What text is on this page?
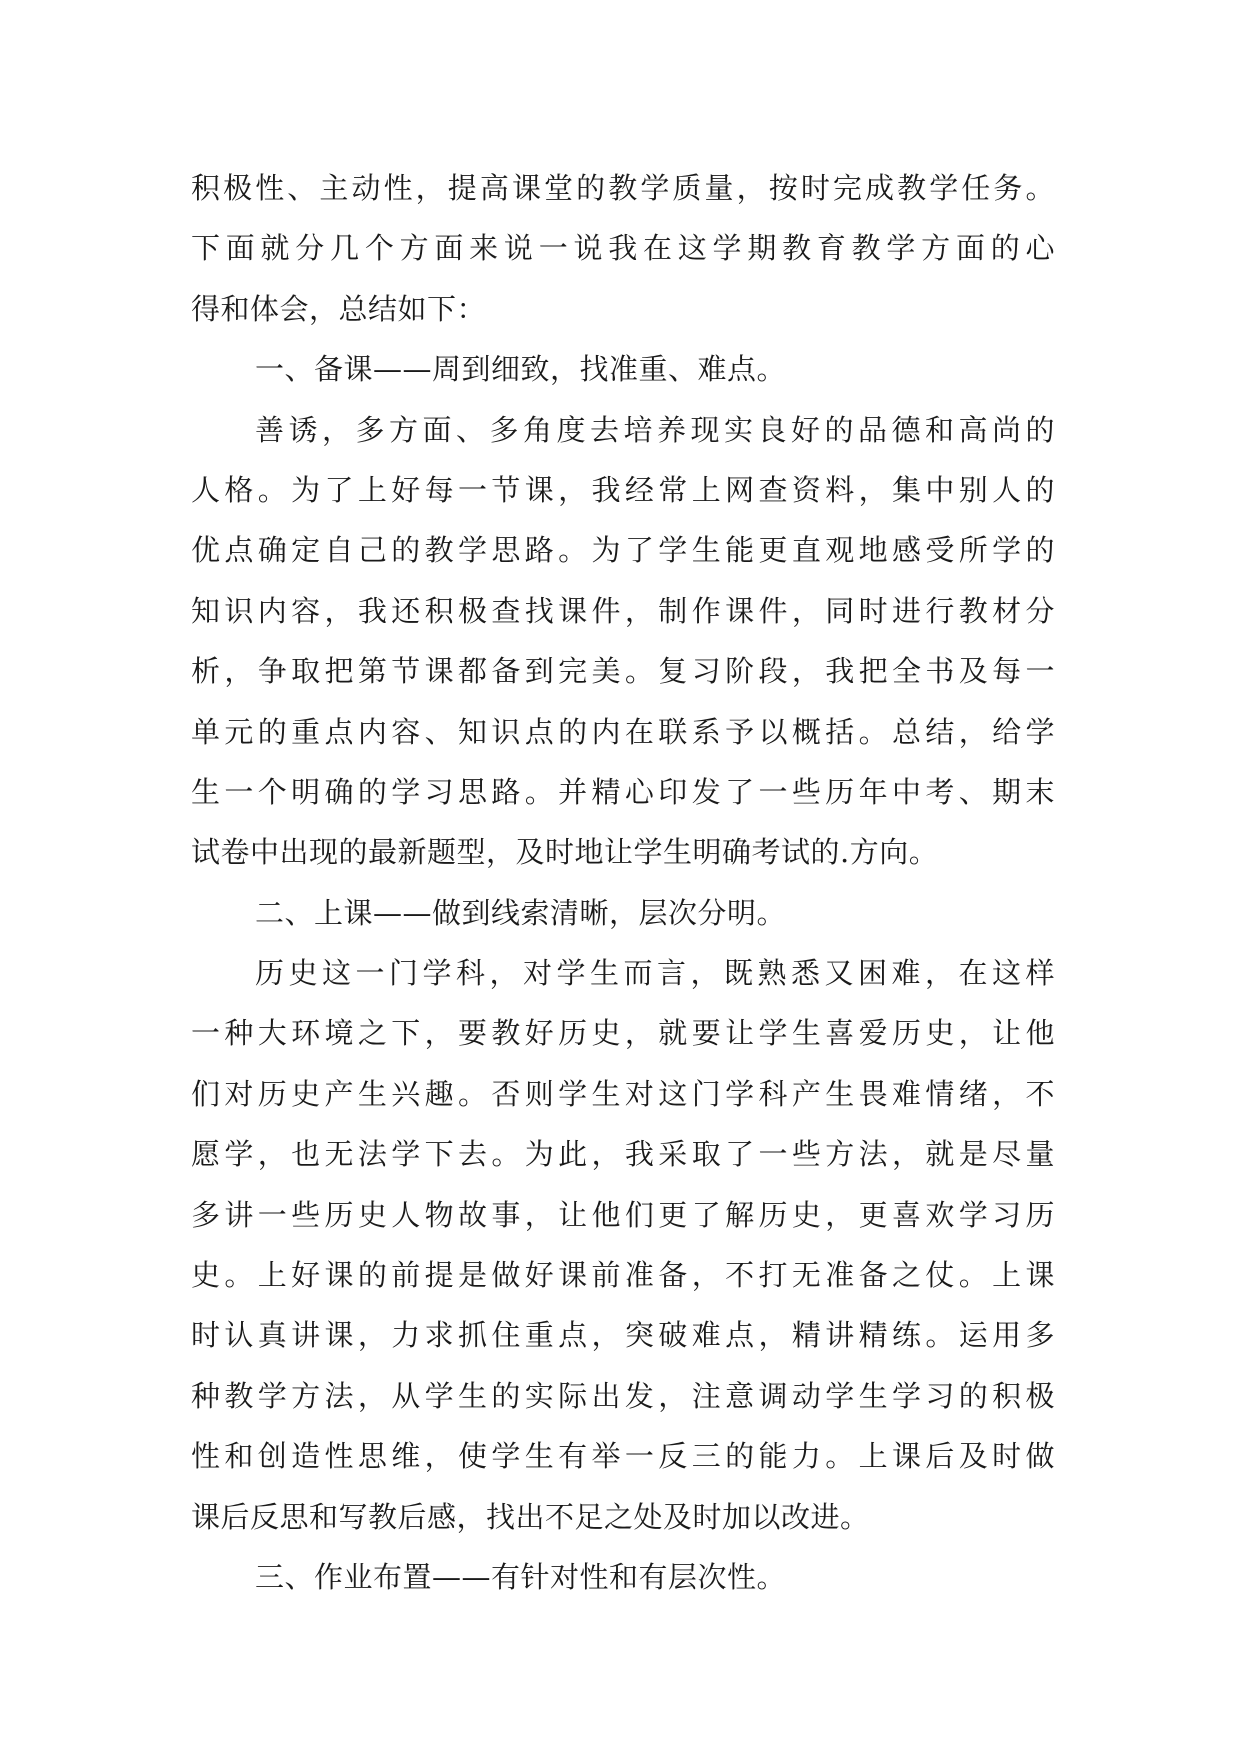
积极性、主动性，提高课堂的教学质量，按时完成教学任务。
下面就分几个方面来说一说我在这学期教育教学方面的心
得和体会，总结如下：
一、备课——周到细致，找准重、难点。
善诱，多方面、多角度去培养现实良好的品德和高尚的
人格。为了上好每一节课，我经常上网查资料，集中别人的
优点确定自己的教学思路。为了学生能更直观地感受所学的
知识内容，我还积极查找课件，制作课件，同时进行教材分
析，争取把第节课都备到完美。复习阶段，我把全书及每一
单元的重点内容、知识点的内在联系予以概括。总结，给学
生一个明确的学习思路。并精心印发了一些历年中考、期末
试卷中出现的最新题型，及时地让学生明确考试的.方向。
二、上课——做到线索清晰，层次分明。
历史这一门学科，对学生而言，既熟悉又困难，在这样
一种大环境之下，要教好历史，就要让学生喜爱历史，让他
们对历史产生兴趣。否则学生对这门学科产生畏难情绪，不
愿学，也无法学下去。为此，我采取了一些方法，就是尽量
多讲一些历史人物故事，让他们更了解历史，更喜欢学习历
史。上好课的前提是做好课前准备，不打无准备之仗。上课
时认真讲课，力求抓住重点，突破难点，精讲精练。运用多
种教学方法，从学生的实际出发，注意调动学生学习的积极
性和创造性思维，使学生有举一反三的能力。上课后及时做
课后反思和写教后感，找出不足之处及时加以改进。
三、作业布置——有针对性和有层次性。
